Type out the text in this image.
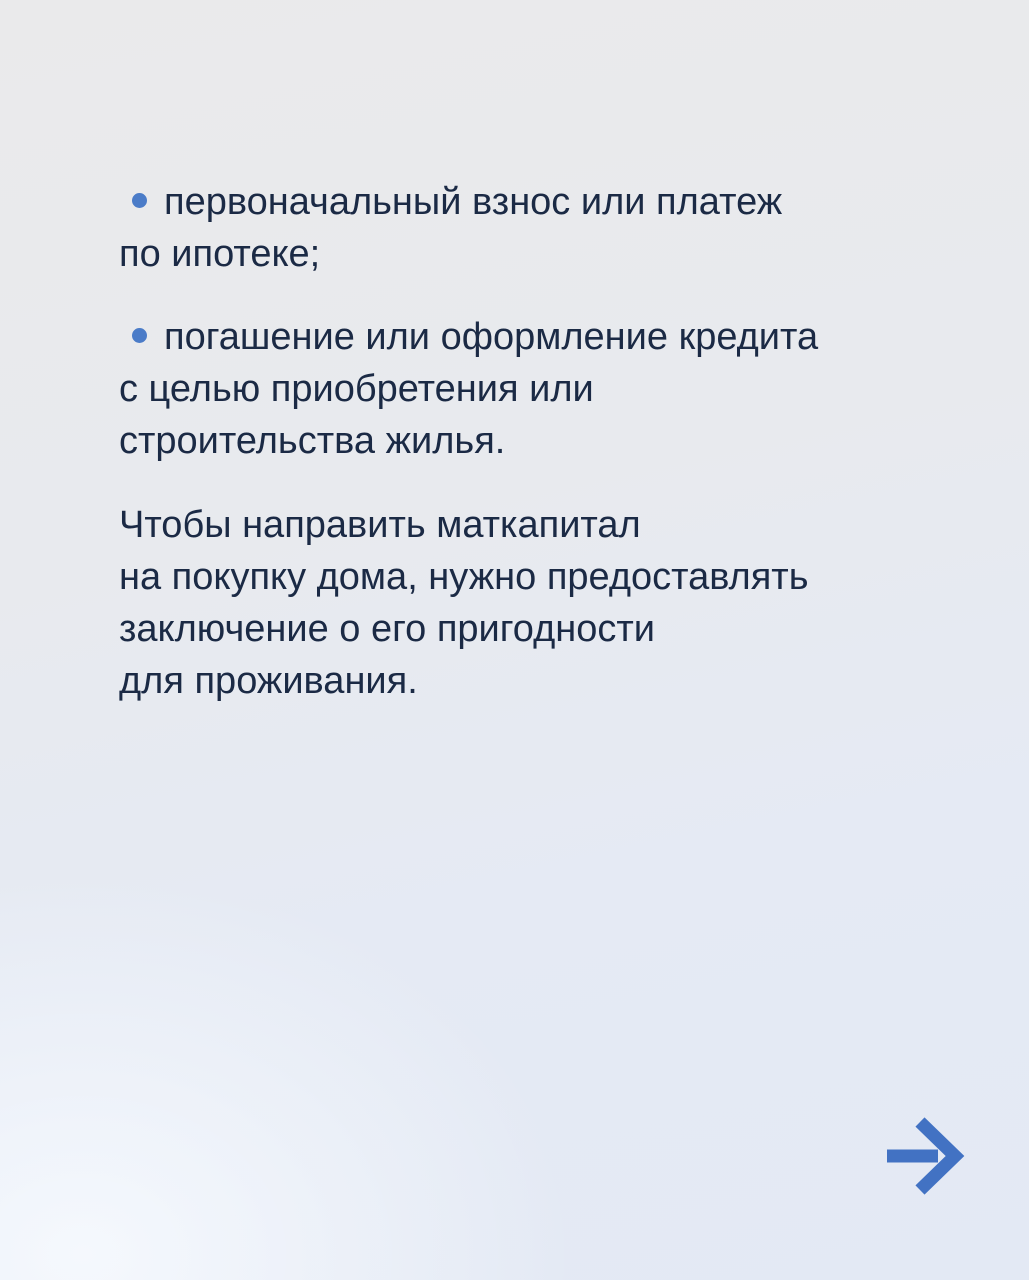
первоначальный взнос или платеж
по ипотеке;
погашение или оформление кредита
с целью приобретения или
строительства жилья.
Чтобы направить маткапитал
на покупку дома, нужно предоставлять
заключение о его пригодности
для проживания.
